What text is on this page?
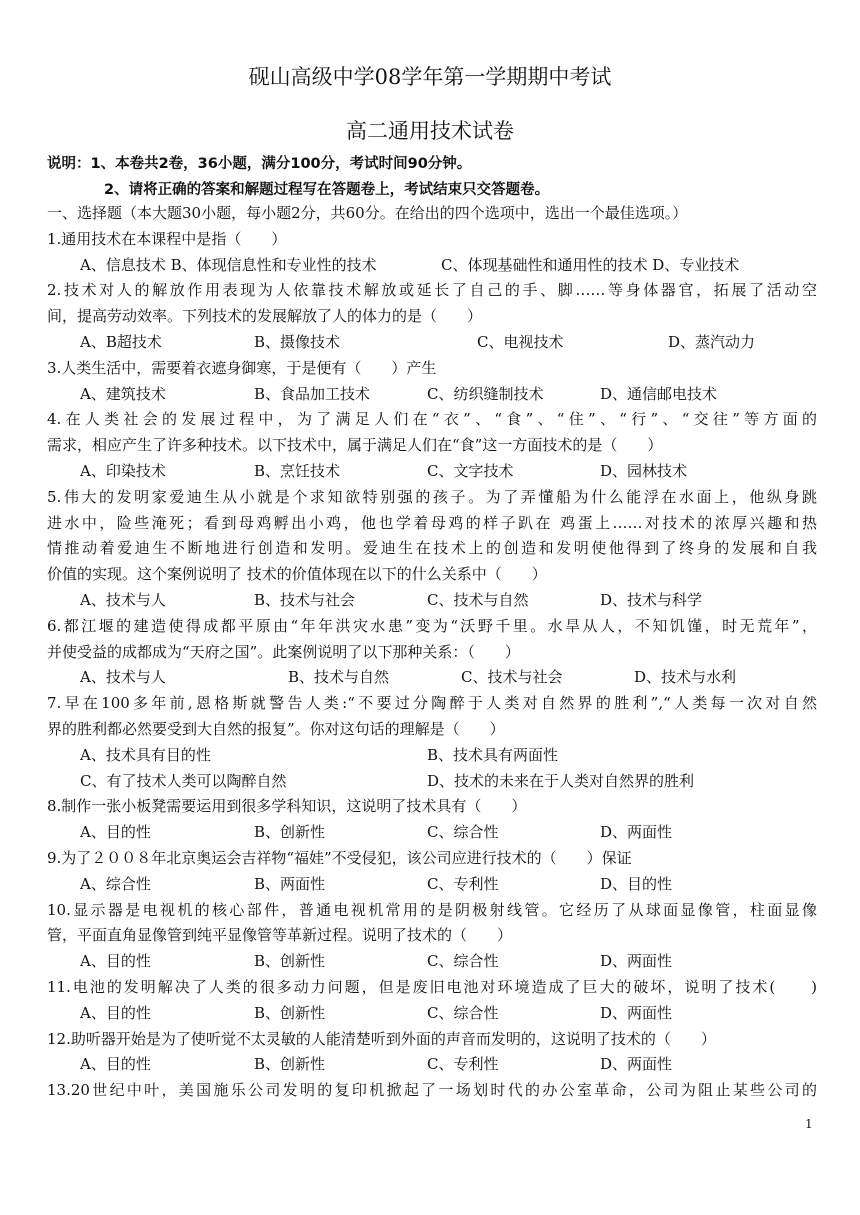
砚山高级中学08学年第一学期期中考试
高二通用技术试卷
说明：1、本卷共2卷，36小题，满分100分，考试时间90分钟。
2、请将正确的答案和解题过程写在答题卷上，考试结束只交答题卷。
一、选择题（本大题30小题，每小题2分，共60分。在给出的四个选项中，选出一个最佳选项。）
1.通用技术在本课程中是指（　　）
A、信息技术 B、体现信息性和专业性的技术	C、体现基础性和通用性的技术 D、专业技术
2.技术对人的解放作用表现为人依靠技术解放或延长了自己的手、脚……等身体器官，拓展了活动空
间，提高劳动效率。下列技术的发展解放了人的体力的是（　　）
A、B超技术	B、摄像技术	C、电视技术	D、蒸汽动力
3.人类生活中，需要着衣遮身御寒，于是便有（　　）产生
A、建筑技术	B、食品加工技术	C、纺织缝制技术	D、通信邮电技术
4.在人类社会的发展过程中，为了满足人们在“衣”、“食”、“住”、“行”、“交往”等方面的
需求，相应产生了许多种技术。以下技术中，属于满足人们在“食”这一方面技术的是（　　）
A、印染技术	B、烹饪技术	C、文字技术	D、园林技术
5.伟大的发明家爱迪生从小就是个求知欲特别强的孩子。为了弄懂船为什么能浮在水面上，他纵身跳
进水中，险些淹死；看到母鸡孵出小鸡，他也学着母鸡的样子趴在 鸡蛋上……对技术的浓厚兴趣和热
情推动着爱迪生不断地进行创造和发明。爱迪生在技术上的创造和发明使他得到了终身的发展和自我
价值的实现。这个案例说明了 技术的价值体现在以下的什么关系中（　　）
A、技术与人	B、技术与社会	C、技术与自然	D、技术与科学
6.都江堰的建造使得成都平原由“年年洪灾水患”变为“沃野千里。水旱从人，不知饥馑，时无荒年”，
并使受益的成都成为“天府之国”。此案例说明了以下那种关系：（　　）
A、技术与人	B、技术与自然	C、技术与社会	D、技术与水利
7.早在100多年前,恩格斯就警告人类:“不要过分陶醉于人类对自然界的胜利”,“人类每一次对自然
界的胜利都必然要受到大自然的报复”。你对这句话的理解是（　　）
A、技术具有目的性	B、技术具有两面性
C、有了技术人类可以陶醉自然	D、技术的未来在于人类对自然界的胜利
8.制作一张小板凳需要运用到很多学科知识，这说明了技术具有（　　）
A、目的性	B、创新性	C、综合性	D、两面性
9.为了２００８年北京奥运会吉祥物“福娃”不受侵犯，该公司应进行技术的（　　）保证
A、综合性	B、两面性	C、专利性	D、目的性
10.显示器是电视机的核心部件，普通电视机常用的是阴极射线管。它经历了从球面显像管，柱面显像
管，平面直角显像管到纯平显像管等革新过程。说明了技术的（　　）
A、目的性	B、创新性	C、综合性	D、两面性
11.电池的发明解决了人类的很多动力问题，但是废旧电池对环境造成了巨大的破坏，说明了技术(　　)
A、目的性	B、创新性	C、综合性	D、两面性
12.助听器开始是为了使听觉不太灵敏的人能清楚听到外面的声音而发明的，这说明了技术的（　　）
A、目的性	B、创新性	C、专利性	D、两面性
13.20世纪中叶，美国施乐公司发明的复印机掀起了一场划时代的办公室革命，公司为阻止某些公司的
1
